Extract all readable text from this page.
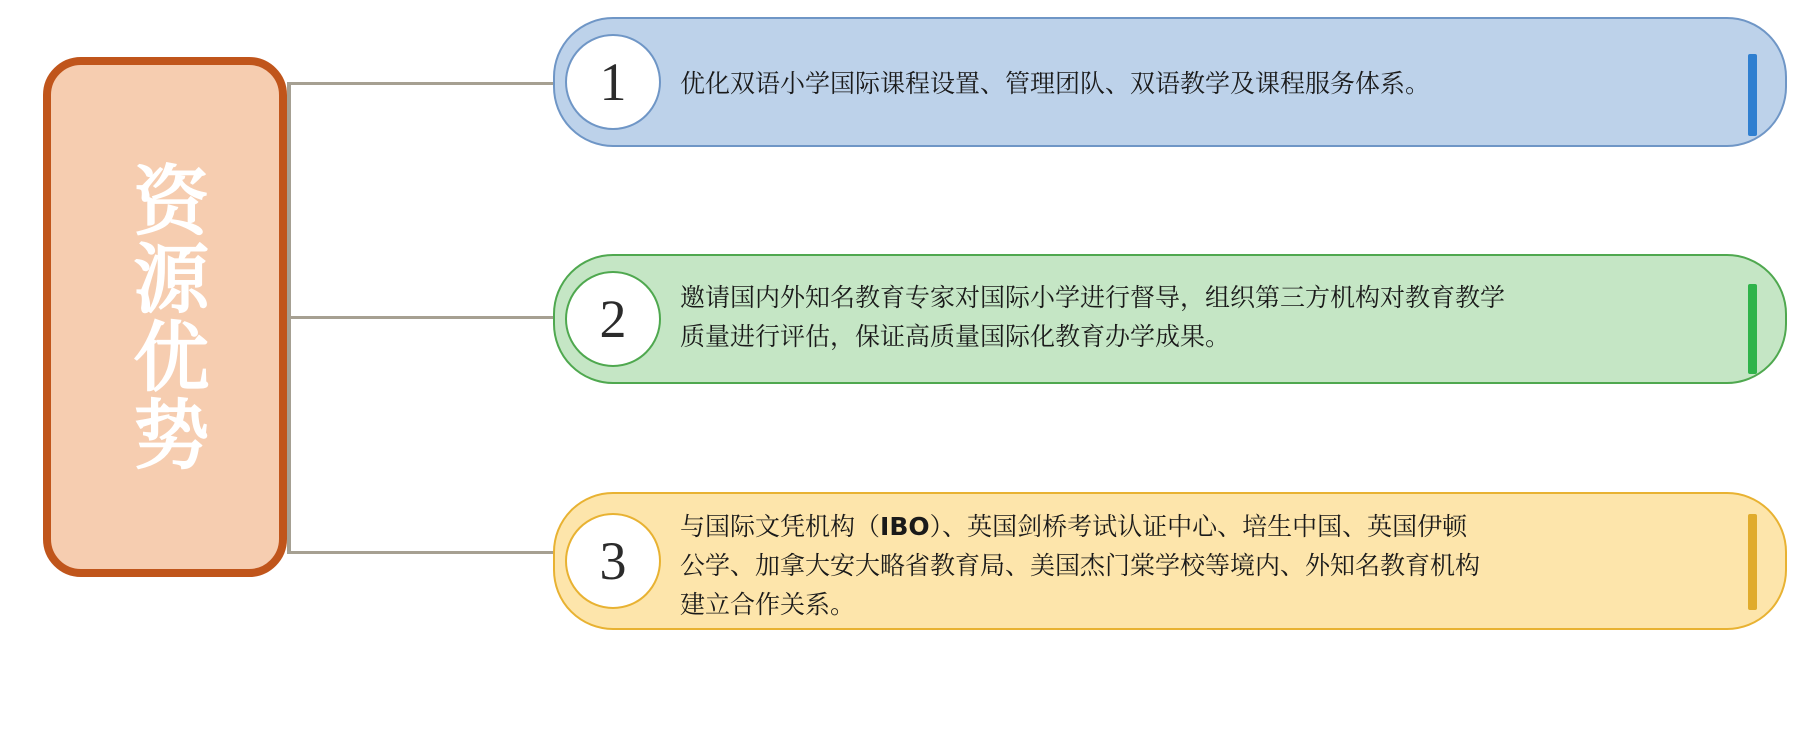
资源优势
1 优化双语小学国际课程设置、管理团队、双语教学及课程服务体系。
2 邀请国内外知名教育专家对国际小学进行督导，组织第三方机构对教育教学质量进行评估，保证高质量国际化教育办学成果。
3
与国际文凭机构（IBO）、英国剑桥考试认证中心、培生中国、英国伊顿公学、加拿大安大略省教育局、美国杰门棠学校等境内、外知名教育机构建立合作关系。
